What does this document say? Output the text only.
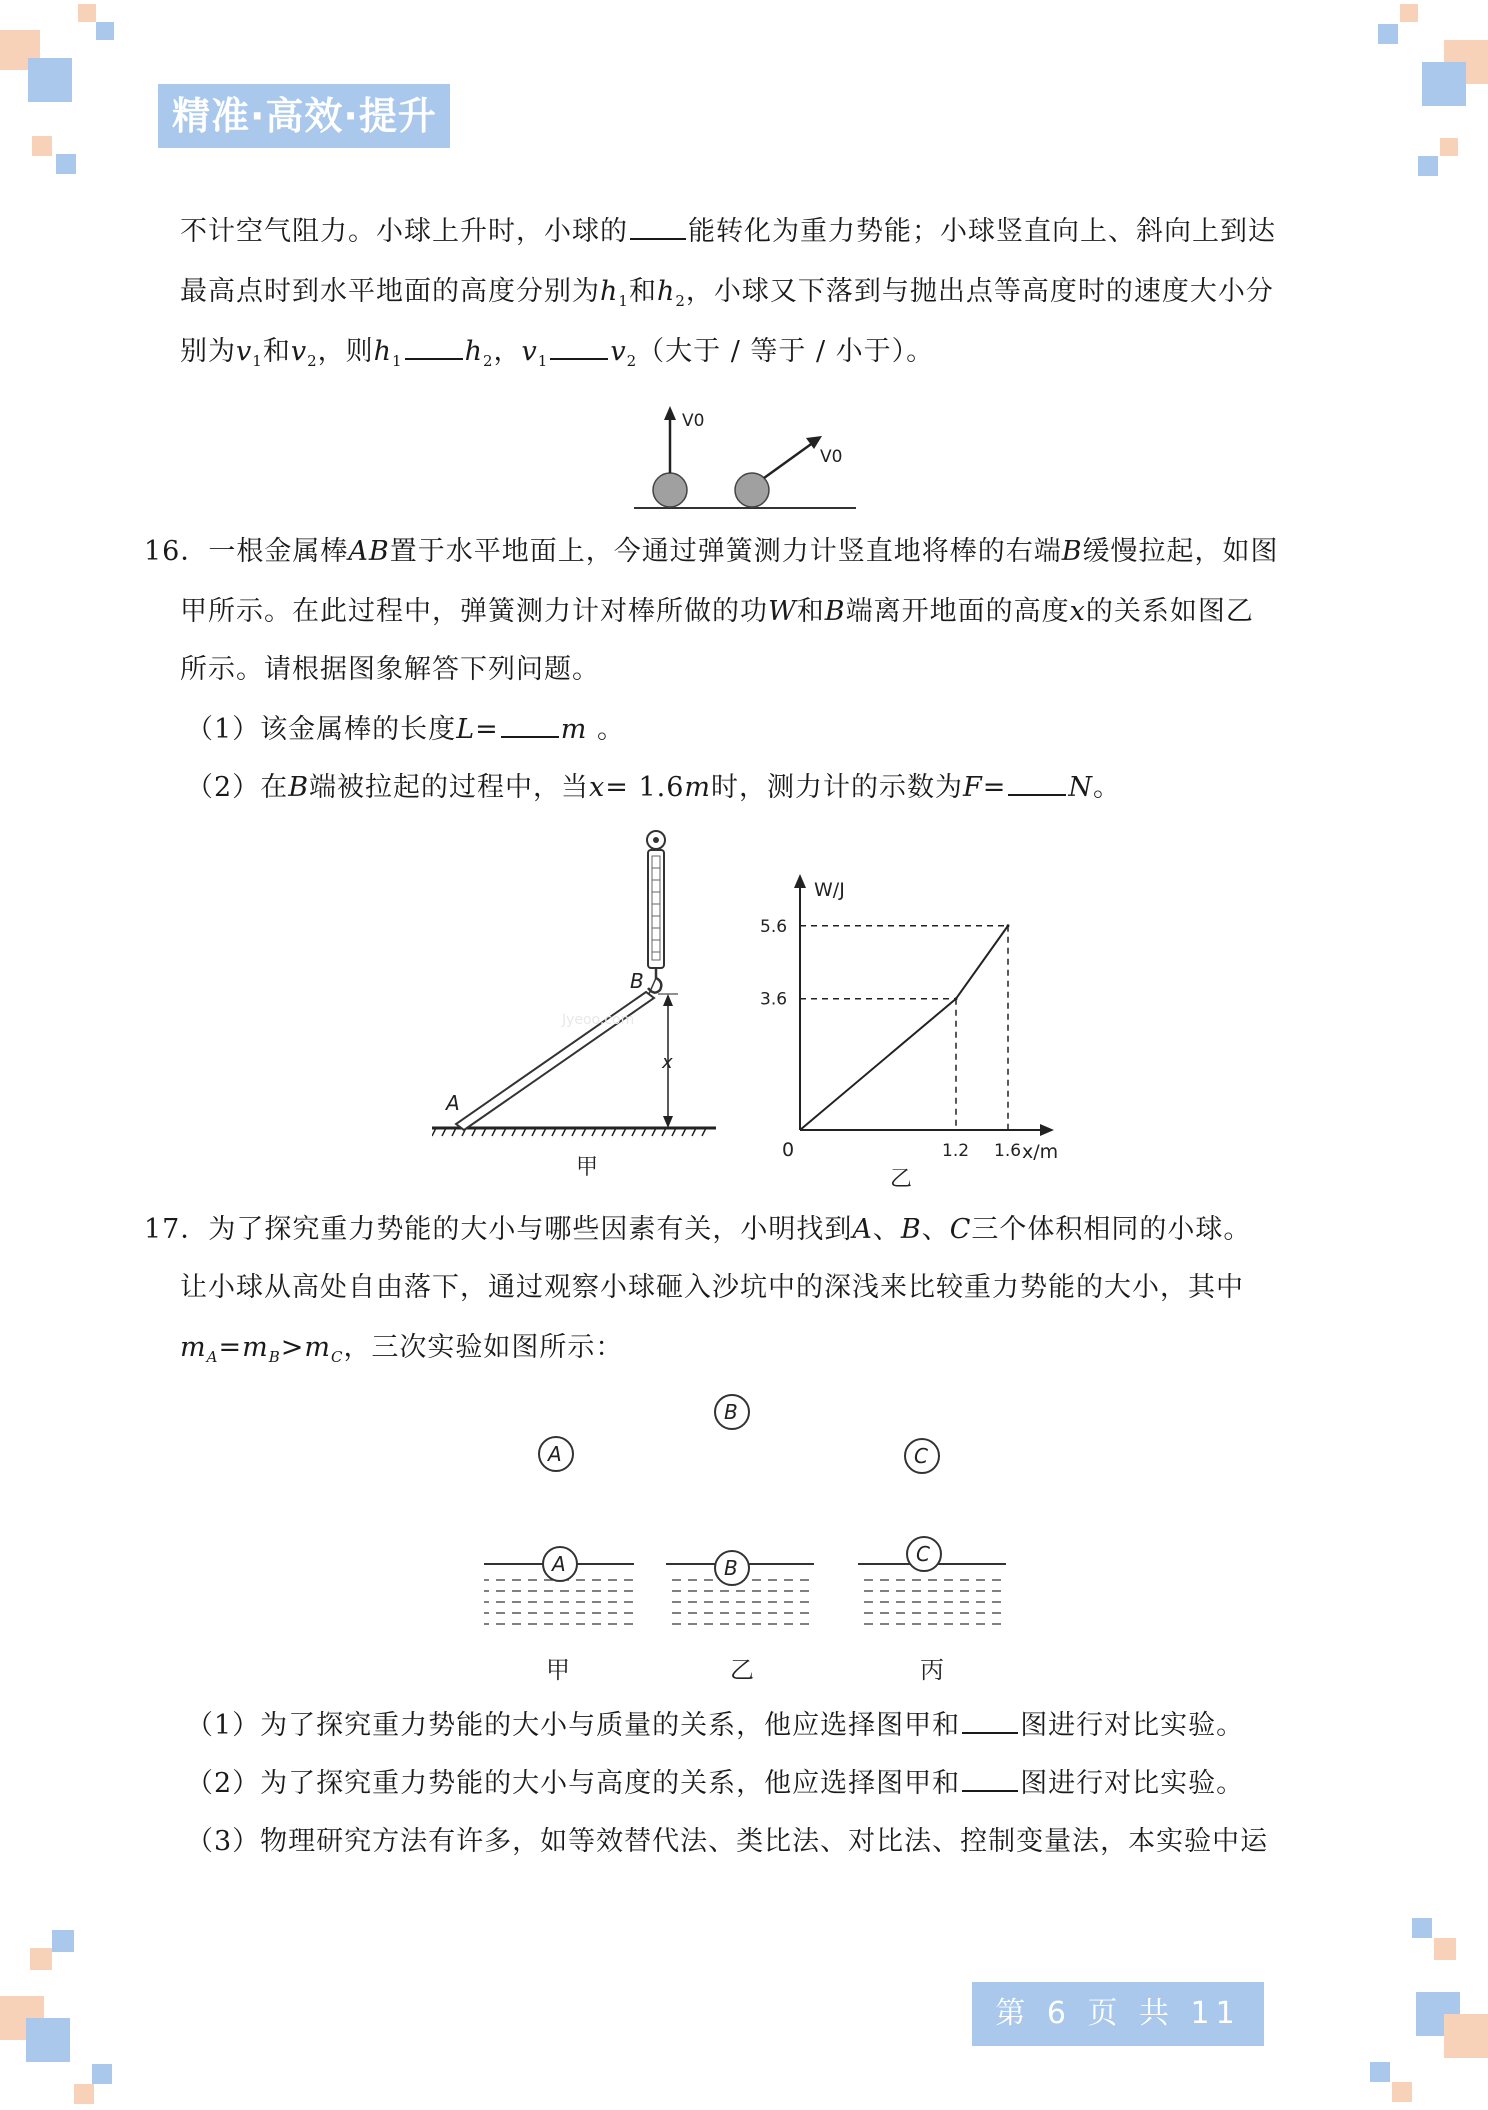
精准·高效·提升
不计空气阻力。小球上升时，小球的 能转化为重力势能；小球竖直向上、斜向上到达
最高点时到水平地面的高度分别为$h_1$和$h_2$，小球又下落到与抛出点等高度时的速度大小分
别为$v_1$和$v_2$，则$h_1$ $h_2$，$v_1$ $v_2$（大于 / 等于 / 小于）。
V0
V0
16．一根金属棒AB置于水平地面上，今通过弹簧测力计竖直地将棒的右端B缓慢拉起，如图
甲所示。在此过程中，弹簧测力计对棒所做的功W和B端离开地面的高度x的关系如图乙
所示。请根据图象解答下列问题。
（1）该金属棒的长度L= m 。
（2）在B端被拉起的过程中，当x= 1.6m时，测力计的示数为F= N。
A
B
x
Jyeoo.com
甲
W/J
x/m
0	1.2 1.6
3.6
5.6
乙
17．为了探究重力势能的大小与哪些因素有关，小明找到A、B、C三个体积相同的小球。
让小球从高处自由落下，通过观察小球砸入沙坑中的深浅来比较重力势能的大小，其中
$m_A=m_B>m_C$，三次实验如图所示：
A
B
C
A	B
C
甲	乙	丙
（1）为了探究重力势能的大小与质量的关系，他应选择图甲和 图进行对比实验。
（2）为了探究重力势能的大小与高度的关系，他应选择图甲和 图进行对比实验。
（3）物理研究方法有许多，如等效替代法、类比法、对比法、控制变量法，本实验中运
第 6 页 共 11 页
